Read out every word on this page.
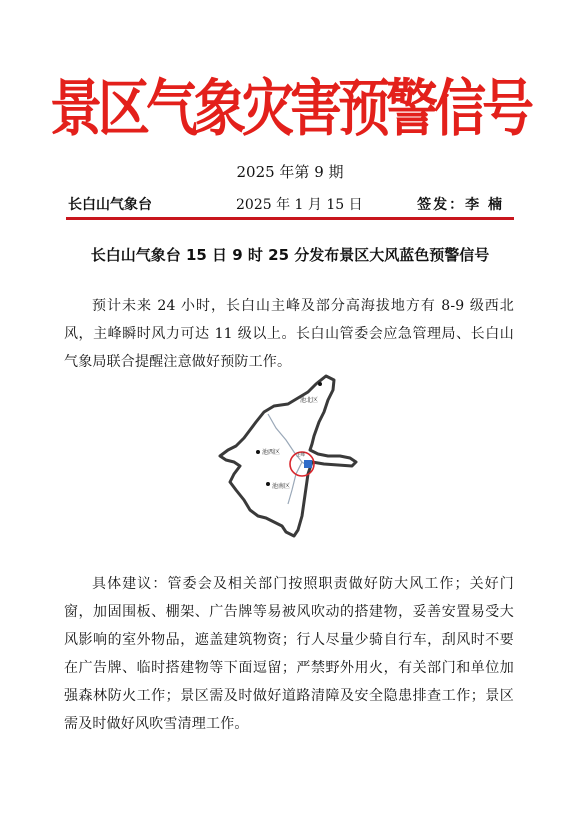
景区气象灾害预警信号
2025 年第 9 期
长白山气象台	2025 年 1 月 15 日	签发：李 楠
长白山气象台 15 日 9 时 25 分发布景区大风蓝色预警信号

预计未来 24 小时，长白山主峰及部分高海拔地方有 8-9 级西北风，主峰瞬时风力可达 11 级以上。长白山管委会应急管理局、长白山气象局联合提醒注意做好预防工作。

池北区
池西区
池南区
主峰

具体建议：管委会及相关部门按照职责做好防大风工作；关好门窗，加固围板、棚架、广告牌等易被风吹动的搭建物，妥善安置易受大风影响的室外物品，遮盖建筑物资；行人尽量少骑自行车，刮风时不要在广告牌、临时搭建物等下面逗留；严禁野外用火，有关部门和单位加强森林防火工作；景区需及时做好道路清障及安全隐患排查工作；景区需及时做好风吹雪清理工作。
